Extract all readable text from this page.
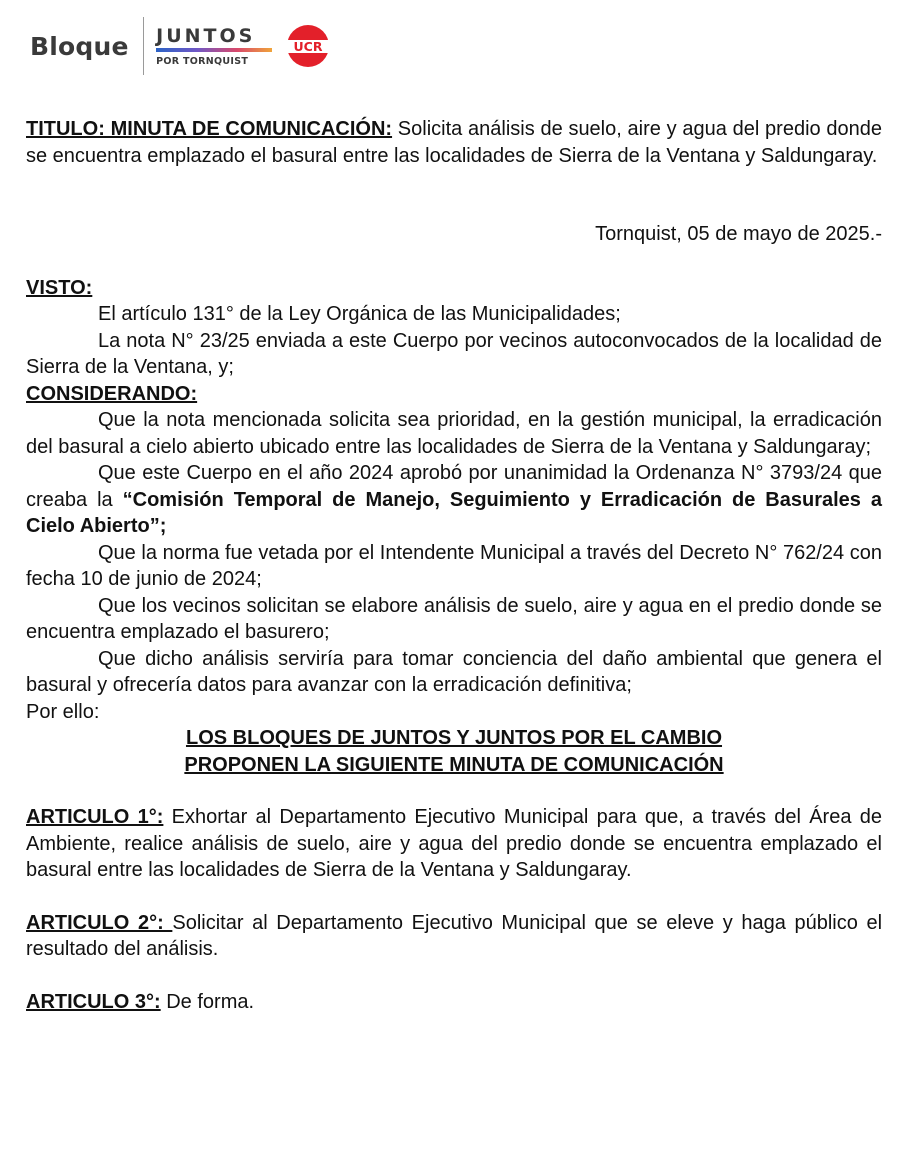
Bloque JUNTOS
POR TORNQUIST
UCR

TITULO: MINUTA DE COMUNICACIÓN: Solicita análisis de suelo, aire y agua del predio donde se encuentra emplazado el basural entre las localidades de Sierra de la Ventana y Saldungaray.

Tornquist, 05 de mayo de 2025.-

VISTO:

El artículo 131° de la Ley Orgánica de las Municipalidades;

La nota N° 23/25 enviada a este Cuerpo por vecinos autoconvocados de la localidad de Sierra de la Ventana, y;

CONSIDERANDO:

Que la nota mencionada solicita sea prioridad, en la gestión municipal, la erradicación del basural a cielo abierto ubicado entre las localidades de Sierra de la Ventana y Saldungaray;

Que este Cuerpo en el año 2024 aprobó por unanimidad la Ordenanza N° 3793/24 que creaba la “Comisión Temporal de Manejo, Seguimiento y Erradicación de Basurales a Cielo Abierto”;

Que la norma fue vetada por el Intendente Municipal a través del Decreto N° 762/24 con fecha 10 de junio de 2024;

Que los vecinos solicitan se elabore análisis de suelo, aire y agua en el predio donde se encuentra emplazado el basurero;

Que dicho análisis serviría para tomar conciencia del daño ambiental que genera el basural y ofrecería datos para avanzar con la erradicación definitiva;

Por ello:

LOS BLOQUES DE JUNTOS Y JUNTOS POR EL CAMBIO

PROPONEN LA SIGUIENTE MINUTA DE COMUNICACIÓN

ARTICULO 1°: Exhortar al Departamento Ejecutivo Municipal para que, a través del Área de Ambiente, realice análisis de suelo, aire y agua del predio donde se encuentra emplazado el basural entre las localidades de Sierra de la Ventana y Saldungaray.

ARTICULO 2°: Solicitar al Departamento Ejecutivo Municipal que se eleve y haga público el resultado del análisis.

ARTICULO 3°: De forma.
